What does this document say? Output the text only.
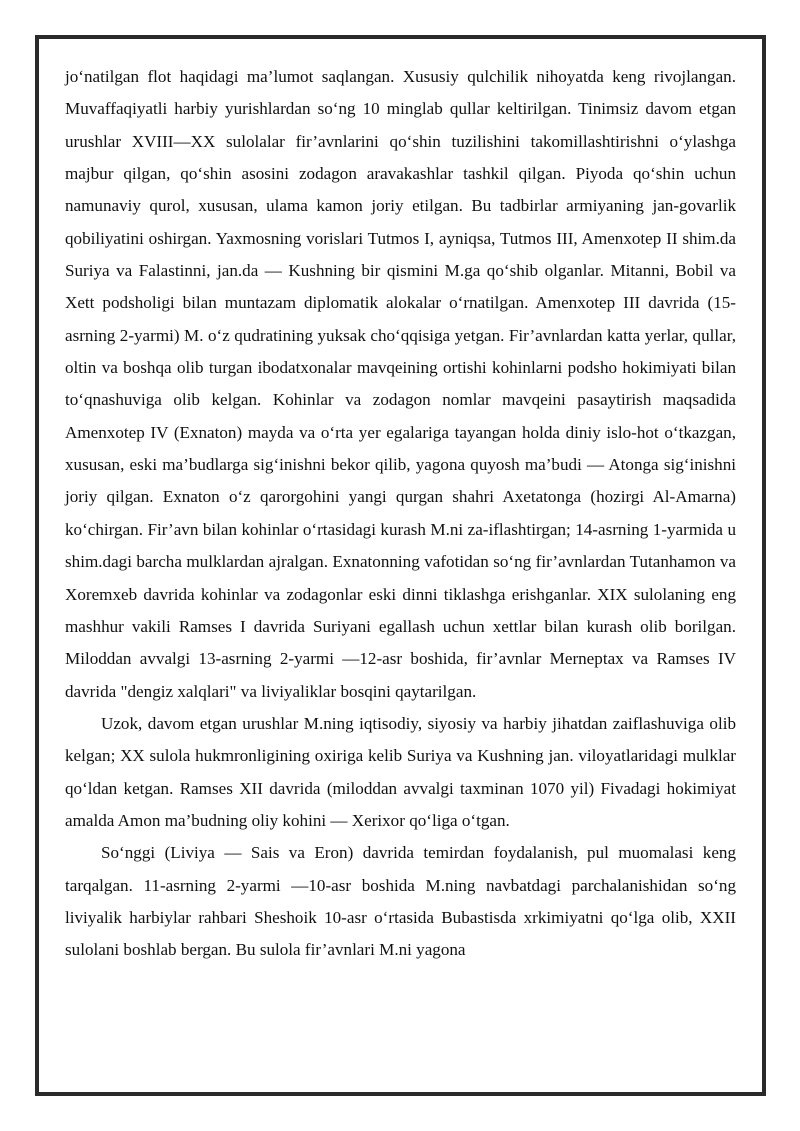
jo‘natilgan flot haqidagi ma’lumot saqlangan. Xususiy qulchilik nihoyatda keng rivojlangan. Muvaffaqiyatli harbiy yurishlardan so‘ng 10 minglab qullar keltirilgan. Tinimsiz davom etgan urushlar XVIII—XX sulolalar fir’avnlarini qo‘shin tuzilishini takomillashtirishni o‘ylashga majbur qilgan, qo‘shin asosini zodagon aravakashlar tashkil qilgan. Piyoda qo‘shin uchun namunaviy qurol, xususan, ulama kamon joriy etilgan. Bu tadbirlar armiyaning jan-govarlik qobiliyatini oshirgan. Yaxmosning vorislari Tutmos I, ayniqsa, Tutmos III, Amenxotep II shim.da Suriya va Falastinni, jan.da — Kushning bir qismini M.ga qo‘shib olganlar. Mitanni, Bobil va Xett podsholigi bilan muntazam diplomatik alokalar o‘rnatilgan. Amenxotep III davrida (15-asrning 2-yarmi) M. o‘z qudratining yuksak cho‘qqisiga yetgan. Fir’avnlardan katta yerlar, qullar, oltin va boshqa olib turgan ibodatxonalar mavqeining ortishi kohinlarni podsho hokimiyati bilan to‘qnashuviga olib kelgan. Kohinlar va zodagon nomlar mavqeini pasaytirish maqsadida Amenxotep IV (Exnaton) mayda va o‘rta yer egalariga tayangan holda diniy islo-hot o‘tkazgan, xususan, eski ma’budlarga sig‘inishni bekor qilib, yagona quyosh ma’budi — Atonga sig‘inishni joriy qilgan. Exnaton o‘z qarorgohini yangi qurgan shahri Axetatonga (hozirgi Al-Amarna) ko‘chirgan. Fir’avn bilan kohinlar o‘rtasidagi kurash M.ni za-iflashtirgan; 14-asrning 1-yarmida u shim.dagi barcha mulklardan ajralgan. Exnatonning vafotidan so‘ng fir’avnlardan Tutanhamon va Xoremxeb davrida kohinlar va zodagonlar eski dinni tiklashga erishganlar. XIX sulolaning eng mashhur vakili Ramses I davrida Suriyani egallash uchun xettlar bilan kurash olib borilgan. Miloddan avvalgi 13-asrning 2-yarmi —12-asr boshida, fir’avnlar Merneptax va Ramses IV davrida "dengiz xalqlari" va liviyaliklar bosqini qaytarilgan.

Uzok, davom etgan urushlar M.ning iqtisodiy, siyosiy va harbiy jihatdan zaiflashuviga olib kelgan; XX sulola hukmronligining oxiriga kelib Suriya va Kushning jan. viloyatlaridagi mulklar qo‘ldan ketgan. Ramses XII davrida (miloddan avvalgi taxminan 1070 yil) Fivadagi hokimiyat amalda Amon ma’budning oliy kohini — Xerixor qo‘liga o‘tgan.

So‘nggi (Liviya — Sais va Eron) davrida temirdan foydalanish, pul muomalasi keng tarqalgan. 11-asrning 2-yarmi —10-asr boshida M.ning navbatdagi parchalanishidan so‘ng liviyalik harbiylar rahbari Sheshoik 10-asr o‘rtasida Bubastisda xrkimiyatni qo‘lga olib, XXII sulolani boshlab bergan. Bu sulola fir’avnlari M.ni yagona
